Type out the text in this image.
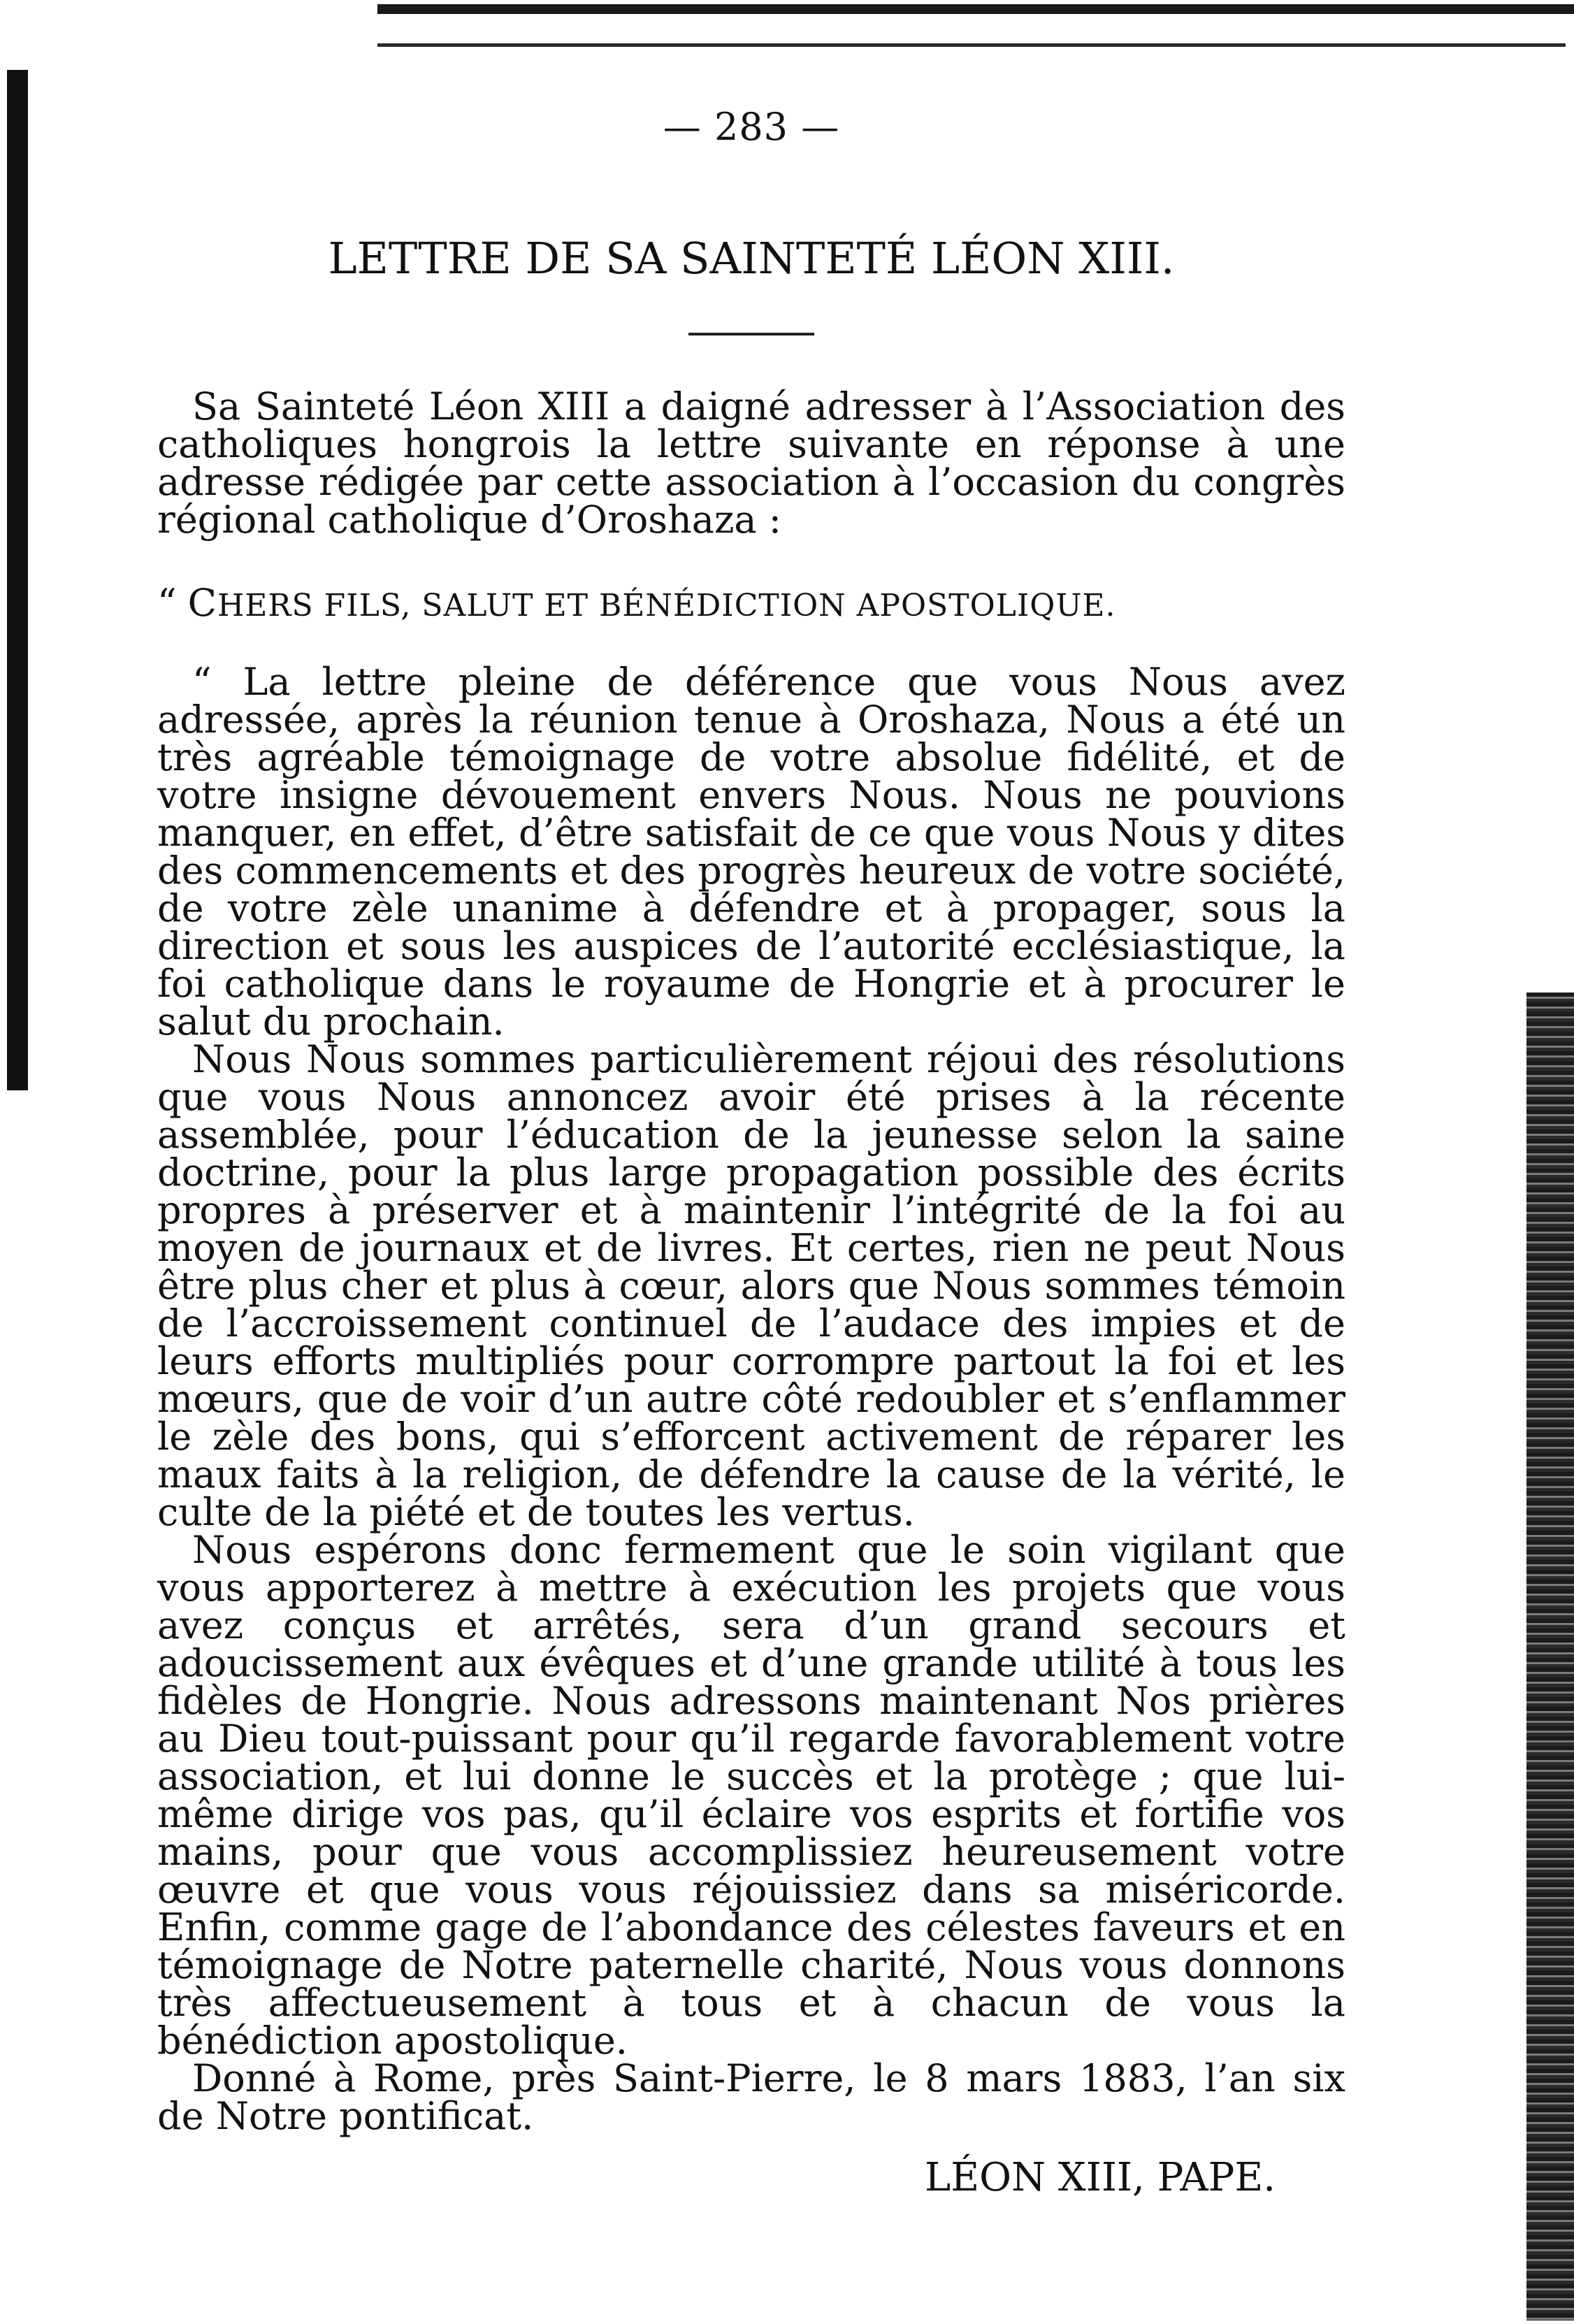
— 283 —
LETTRE DE SA SAINTETÉ LÉON XIII.

Sa Sainteté Léon XIII a daigné adresser à l’Association des catholiques hongrois la lettre suivante en réponse à une adresse rédigée par cette association à l’occasion du congrès régional catholique d’Oroshaza :

“ CHERS FILS, SALUT ET BÉNÉDICTION APOSTOLIQUE.

“ La lettre pleine de déférence que vous Nous avez adressée, après la réunion tenue à Oroshaza, Nous a été un très agréable témoignage de votre absolue fidélité, et de votre insigne dévouement envers Nous. Nous ne pouvions manquer, en effet, d’être satisfait de ce que vous Nous y dites des commencements et des progrès heureux de votre société, de votre zèle unanime à défendre et à propager, sous la direction et sous les auspices de l’autorité ecclésiastique, la foi catholique dans le royaume de Hongrie et à procurer le salut du prochain.

Nous Nous sommes particulièrement réjoui des résolutions que vous Nous annoncez avoir été prises à la récente assemblée, pour l’éducation de la jeunesse selon la saine doctrine, pour la plus large propagation possible des écrits propres à préserver et à maintenir l’intégrité de la foi au moyen de journaux et de livres. Et certes, rien ne peut Nous être plus cher et plus à cœur, alors que Nous sommes témoin de l’accroissement continuel de l’audace des impies et de leurs efforts multipliés pour corrompre partout la foi et les mœurs, que de voir d’un autre côté redoubler et s’enflammer le zèle des bons, qui s’efforcent activement de réparer les maux faits à la religion, de défendre la cause de la vérité, le culte de la piété et de toutes les vertus.

Nous espérons donc fermement que le soin vigilant que vous apporterez à mettre à exécution les projets que vous avez conçus et arrêtés, sera d’un grand secours et adoucissement aux évêques et d’une grande utilité à tous les fidèles de Hongrie. Nous adressons maintenant Nos prières au Dieu tout-puissant pour qu’il regarde favorablement votre association, et lui donne le succès et la protège ; que lui-même dirige vos pas, qu’il éclaire vos esprits et fortifie vos mains, pour que vous accomplissiez heureusement votre œuvre et que vous vous réjouissiez dans sa miséricorde. Enfin, comme gage de l’abondance des célestes faveurs et en témoignage de Notre paternelle charité, Nous vous donnons très affectueusement à tous et à chacun de vous la bénédiction apostolique.

Donné à Rome, près Saint-Pierre, le 8 mars 1883, l’an six de Notre pontificat.

LÉON XIII, PAPE.
